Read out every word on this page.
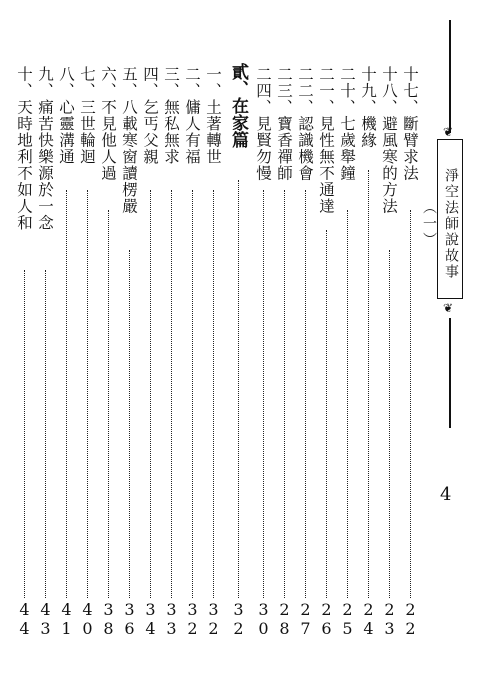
❦
淨空法師說故事（一）
❦
4
十七、斷臂求法
22
十八、避風寒的方法
23
十九、機緣
24
二十、七歲舉鐘
25
二一、見性無不通達
26
二二、認識機會
27
二三、寶香禪師
28
二四、見賢勿慢
30
貳、在家篇
32
一、土著轉世
32
二、傭人有福
32
三、無私無求
33
四、乞丐父親
34
五、八載寒窗讀楞嚴
36
六、不見他人過
38
七、三世輪迴
40
八、心靈溝通
41
九、痛苦快樂源於一念
43
十、天時地利不如人和
44
